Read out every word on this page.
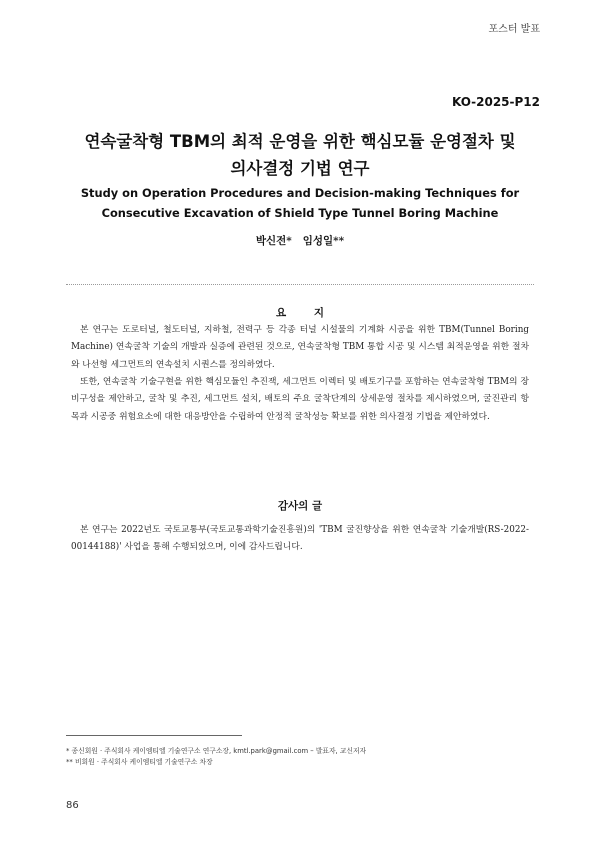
포스터 발표
KO-2025-P12
연속굴착형 TBM의 최적 운영을 위한 핵심모듈 운영절차 및
의사결정 기법 연구
Study on Operation Procedures and Decision-making Techniques for
Consecutive Excavation of Shield Type Tunnel Boring Machine
박신전*   임성일**
요 지

본 연구는 도로터널, 철도터널, 지하철, 전력구 등 각종 터널 시설물의 기계화 시공을 위한 TBM(Tunnel Boring Machine) 연속굴착 기술의 개발과 실증에 관련된 것으로, 연속굴착형 TBM 통합 시공 및 시스템 최적운영을 위한 절차와 나선형 세그먼트의 연속설치 시퀀스를 정의하였다.

또한, 연속굴착 기술구현을 위한 핵심모듈인 추진잭, 세그먼트 이렉터 및 배토기구를 포함하는 연속굴착형 TBM의 장비구성을 제안하고, 굴착 및 추진, 세그먼트 설치, 배토의 주요 굴착단계의 상세운영 절차를 제시하였으며, 굴진관리 항목과 시공중 위험요소에 대한 대응방안을 수립하여 안정적 굴착성능 확보를 위한 의사결정 기법을 제안하였다.

감사의 글

본 연구는 2022년도 국토교통부(국토교통과학기술진흥원)의 'TBM 굴진향상을 위한 연속굴착 기술개발(RS-2022-00144188)' 사업을 통해 수행되었으며, 이에 감사드립니다.

* 종신회원 · 주식회사 케이엠티엘 기술연구소 연구소장, kmtl.park@gmail.com – 발표자, 교신저자
** 비회원 · 주식회사 케이엠티엘 기술연구소 차장
86
